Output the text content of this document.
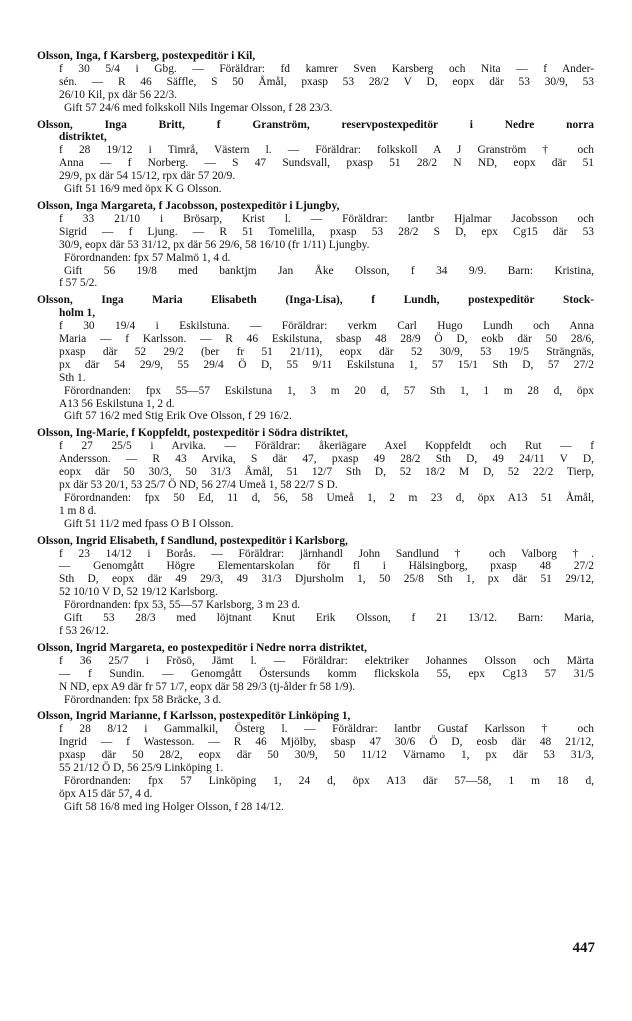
Olsson, Inga, f Karsberg, postexpeditör i Kil,
f 30 5/4 i Gbg. — Föräldrar: fd kamrer Sven Karsberg och Nita — f Ander-
sén. — R 46 Säffle, S 50 Åmål, pxasp 53 28/2 V D, eopx där 53 30/9, 53
26/10 Kil, px där 56 22/3.
Gift 57 24/6 med folkskoll Nils Ingemar Olsson, f 28 23/3.
Olsson, Inga Britt, f Granström, reservpostexpeditör i Nedre norra
distriktet,
f 28 19/12 i Timrå, Västern l. — Föräldrar: folkskoll A J Granström † och
Anna — f Norberg. — S 47 Sundsvall, pxasp 51 28/2 N ND, eopx där 51
29/9, px där 54 15/12, rpx där 57 20/9.
Gift 51 16/9 med öpx K G Olsson.
Olsson, Inga Margareta, f Jacobsson, postexpeditör i Ljungby,
f 33 21/10 i Brösarp, Krist l. — Föräldrar: lantbr Hjalmar Jacobsson och
Sigrid — f Ljung. — R 51 Tomelilla, pxasp 53 28/2 S D, epx Cg15 där 53
30/9, eopx där 53 31/12, px där 56 29/6, 58 16/10 (fr 1/11) Ljungby.
Förordnanden: fpx 57 Malmö 1, 4 d.
Gift 56 19/8 med banktjm Jan Åke Olsson, f 34 9/9. Barn: Kristina,
f 57 5/2.
Olsson, Inga Maria Elisabeth (Inga-Lisa), f Lundh, postexpeditör Stock-
holm 1,
f 30 19/4 i Eskilstuna. — Föräldrar: verkm Carl Hugo Lundh och Anna
Maria — f Karlsson. — R 46 Eskilstuna, sbasp 48 28/9 Ö D, eokb där 50 28/6,
pxasp där 52 29/2 (ber fr 51 21/11), eopx där 52 30/9, 53 19/5 Strängnäs,
px där 54 29/9, 55 29/4 Ö D, 55 9/11 Eskilstuna 1, 57 15/1 Sth D, 57 27/2
Sth 1.
Förordnanden: fpx 55—57 Eskilstuna 1, 3 m 20 d, 57 Sth 1, 1 m 28 d, öpx
A13 56 Eskilstuna 1, 2 d.
Gift 57 16/2 med Stig Erik Ove Olsson, f 29 16/2.
Olsson, Ing-Marie, f Koppfeldt, postexpeditör i Södra distriktet,
f 27 25/5 i Arvika. — Föräldrar: åkeriägare Axel Koppfeldt och Rut — f
Andersson. — R 43 Arvika, S där 47, pxasp 49 28/2 Sth D, 49 24/11 V D,
eopx där 50 30/3, 50 31/3 Åmål, 51 12/7 Sth D, 52 18/2 M D, 52 22/2 Tierp,
px där 53 20/1, 53 25/7 Ö ND, 56 27/4 Umeå 1, 58 22/7 S D.
Förordnanden: fpx 50 Ed, 11 d, 56, 58 Umeå 1, 2 m 23 d, öpx A13 51 Åmål,
1 m 8 d.
Gift 51 11/2 med fpass O B I Olsson.
Olsson, Ingrid Elisabeth, f Sandlund, postexpeditör i Karlsborg,
f 23 14/12 i Borås. — Föräldrar: järnhandl John Sandlund † och Valborg †.
— Genomgått Högre Elementarskolan för fl i Hälsingborg, pxasp 48 27/2
Sth D, eopx där 49 29/3, 49 31/3 Djursholm 1, 50 25/8 Sth 1, px där 51 29/12,
52 10/10 V D, 52 19/12 Karlsborg.
Förordnanden: fpx 53, 55—57 Karlsborg, 3 m 23 d.
Gift 53 28/3 med löjtnant Knut Erik Olsson, f 21 13/12. Barn: Maria,
f 53 26/12.
Olsson, Ingrid Margareta, eo postexpeditör i Nedre norra distriktet,
f 36 25/7 i Frösö, Jämt l. — Föräldrar: elektriker Johannes Olsson och Märta
— f Sundin. — Genomgått Östersunds komm flickskola 55, epx Cg13 57 31/5
N ND, epx A9 där fr 57 1/7, eopx där 58 29/3 (tj-ålder fr 58 1/9).
Förordnanden: fpx 58 Bräcke, 3 d.
Olsson, Ingrid Marianne, f Karlsson, postexpeditör Linköping 1,
f 28 8/12 i Gammalkil, Österg l. — Föräldrar: lantbr Gustaf Karlsson † och
Ingrid — f Wastesson. — R 46 Mjölby, sbasp 47 30/6 Ö D, eosb där 48 21/12,
pxasp där 50 28/2, eopx där 50 30/9, 50 11/12 Värnamo 1, px där 53 31/3,
55 21/12 Ö D, 56 25/9 Linköping 1.
Förordnanden: fpx 57 Linköping 1, 24 d, öpx A13 där 57—58, 1 m 18 d,
öpx A15 där 57, 4 d.
Gift 58 16/8 med ing Holger Olsson, f 28 14/12.
447
